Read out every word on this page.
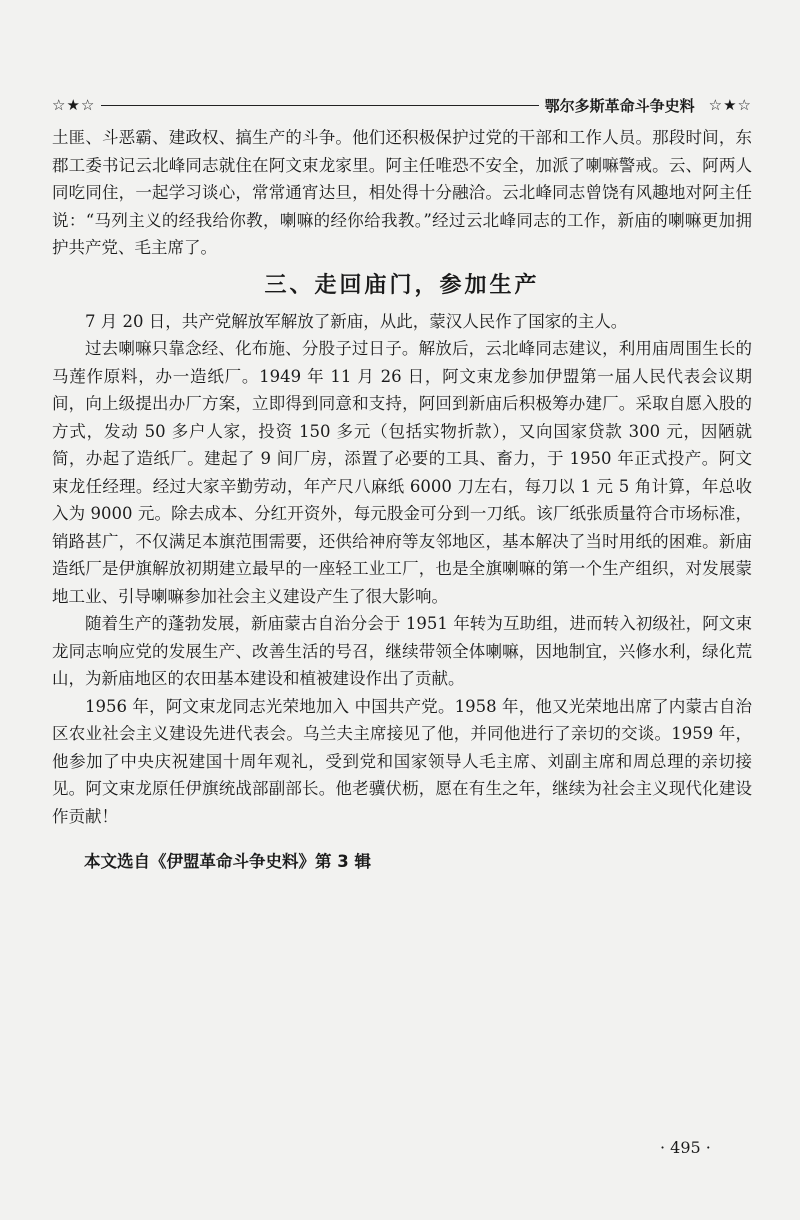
☆★☆	鄂尔多斯革命斗争史料 ☆★☆

土匪、斗恶霸、建政权、搞生产的斗争。他们还积极保护过党的干部和工作人员。那段时间，东郡工委书记云北峰同志就住在阿文束龙家里。阿主任唯恐不安全，加派了喇嘛警戒。云、阿两人同吃同住，一起学习谈心，常常通宵达旦，相处得十分融洽。云北峰同志曾饶有风趣地对阿主任说：“马列主义的经我给你教，喇嘛的经你给我教。”经过云北峰同志的工作，新庙的喇嘛更加拥护共产党、毛主席了。

三、走回庙门，参加生产

7 月 20 日，共产党解放军解放了新庙，从此，蒙汉人民作了国家的主人。

过去喇嘛只靠念经、化布施、分股子过日子。解放后，云北峰同志建议，利用庙周围生长的马莲作原料，办一造纸厂。1949 年 11 月 26 日，阿文束龙参加伊盟第一届人民代表会议期间，向上级提出办厂方案，立即得到同意和支持，阿回到新庙后积极筹办建厂。采取自愿入股的方式，发动 50 多户人家，投资 150 多元（包括实物折款），又向国家贷款 300 元，因陋就简，办起了造纸厂。建起了 9 间厂房，添置了必要的工具、畜力，于 1950 年正式投产。阿文束龙任经理。经过大家辛勤劳动，年产尺八麻纸 6000 刀左右，每刀以 1 元 5 角计算，年总收入为 9000 元。除去成本、分红开资外，每元股金可分到一刀纸。该厂纸张质量符合市场标准，销路甚广，不仅满足本旗范围需要，还供给神府等友邻地区，基本解决了当时用纸的困难。新庙造纸厂是伊旗解放初期建立最早的一座轻工业工厂，也是全旗喇嘛的第一个生产组织，对发展蒙地工业、引导喇嘛参加社会主义建设产生了很大影响。

随着生产的蓬勃发展，新庙蒙古自治分会于 1951 年转为互助组，进而转入初级社，阿文束龙同志响应党的发展生产、改善生活的号召，继续带领全体喇嘛，因地制宜，兴修水利，绿化荒山，为新庙地区的农田基本建设和植被建设作出了贡献。

1956 年，阿文束龙同志光荣地加入 中国共产党。1958 年，他又光荣地出席了内蒙古自治区农业社会主义建设先进代表会。乌兰夫主席接见了他，并同他进行了亲切的交谈。1959 年，他参加了中央庆祝建国十周年观礼，受到党和国家领导人毛主席、刘副主席和周总理的亲切接见。阿文束龙原任伊旗统战部副部长。他老骥伏枥，愿在有生之年，继续为社会主义现代化建设作贡献！

本文选自《伊盟革命斗争史料》第 3 辑
· 495 ·
